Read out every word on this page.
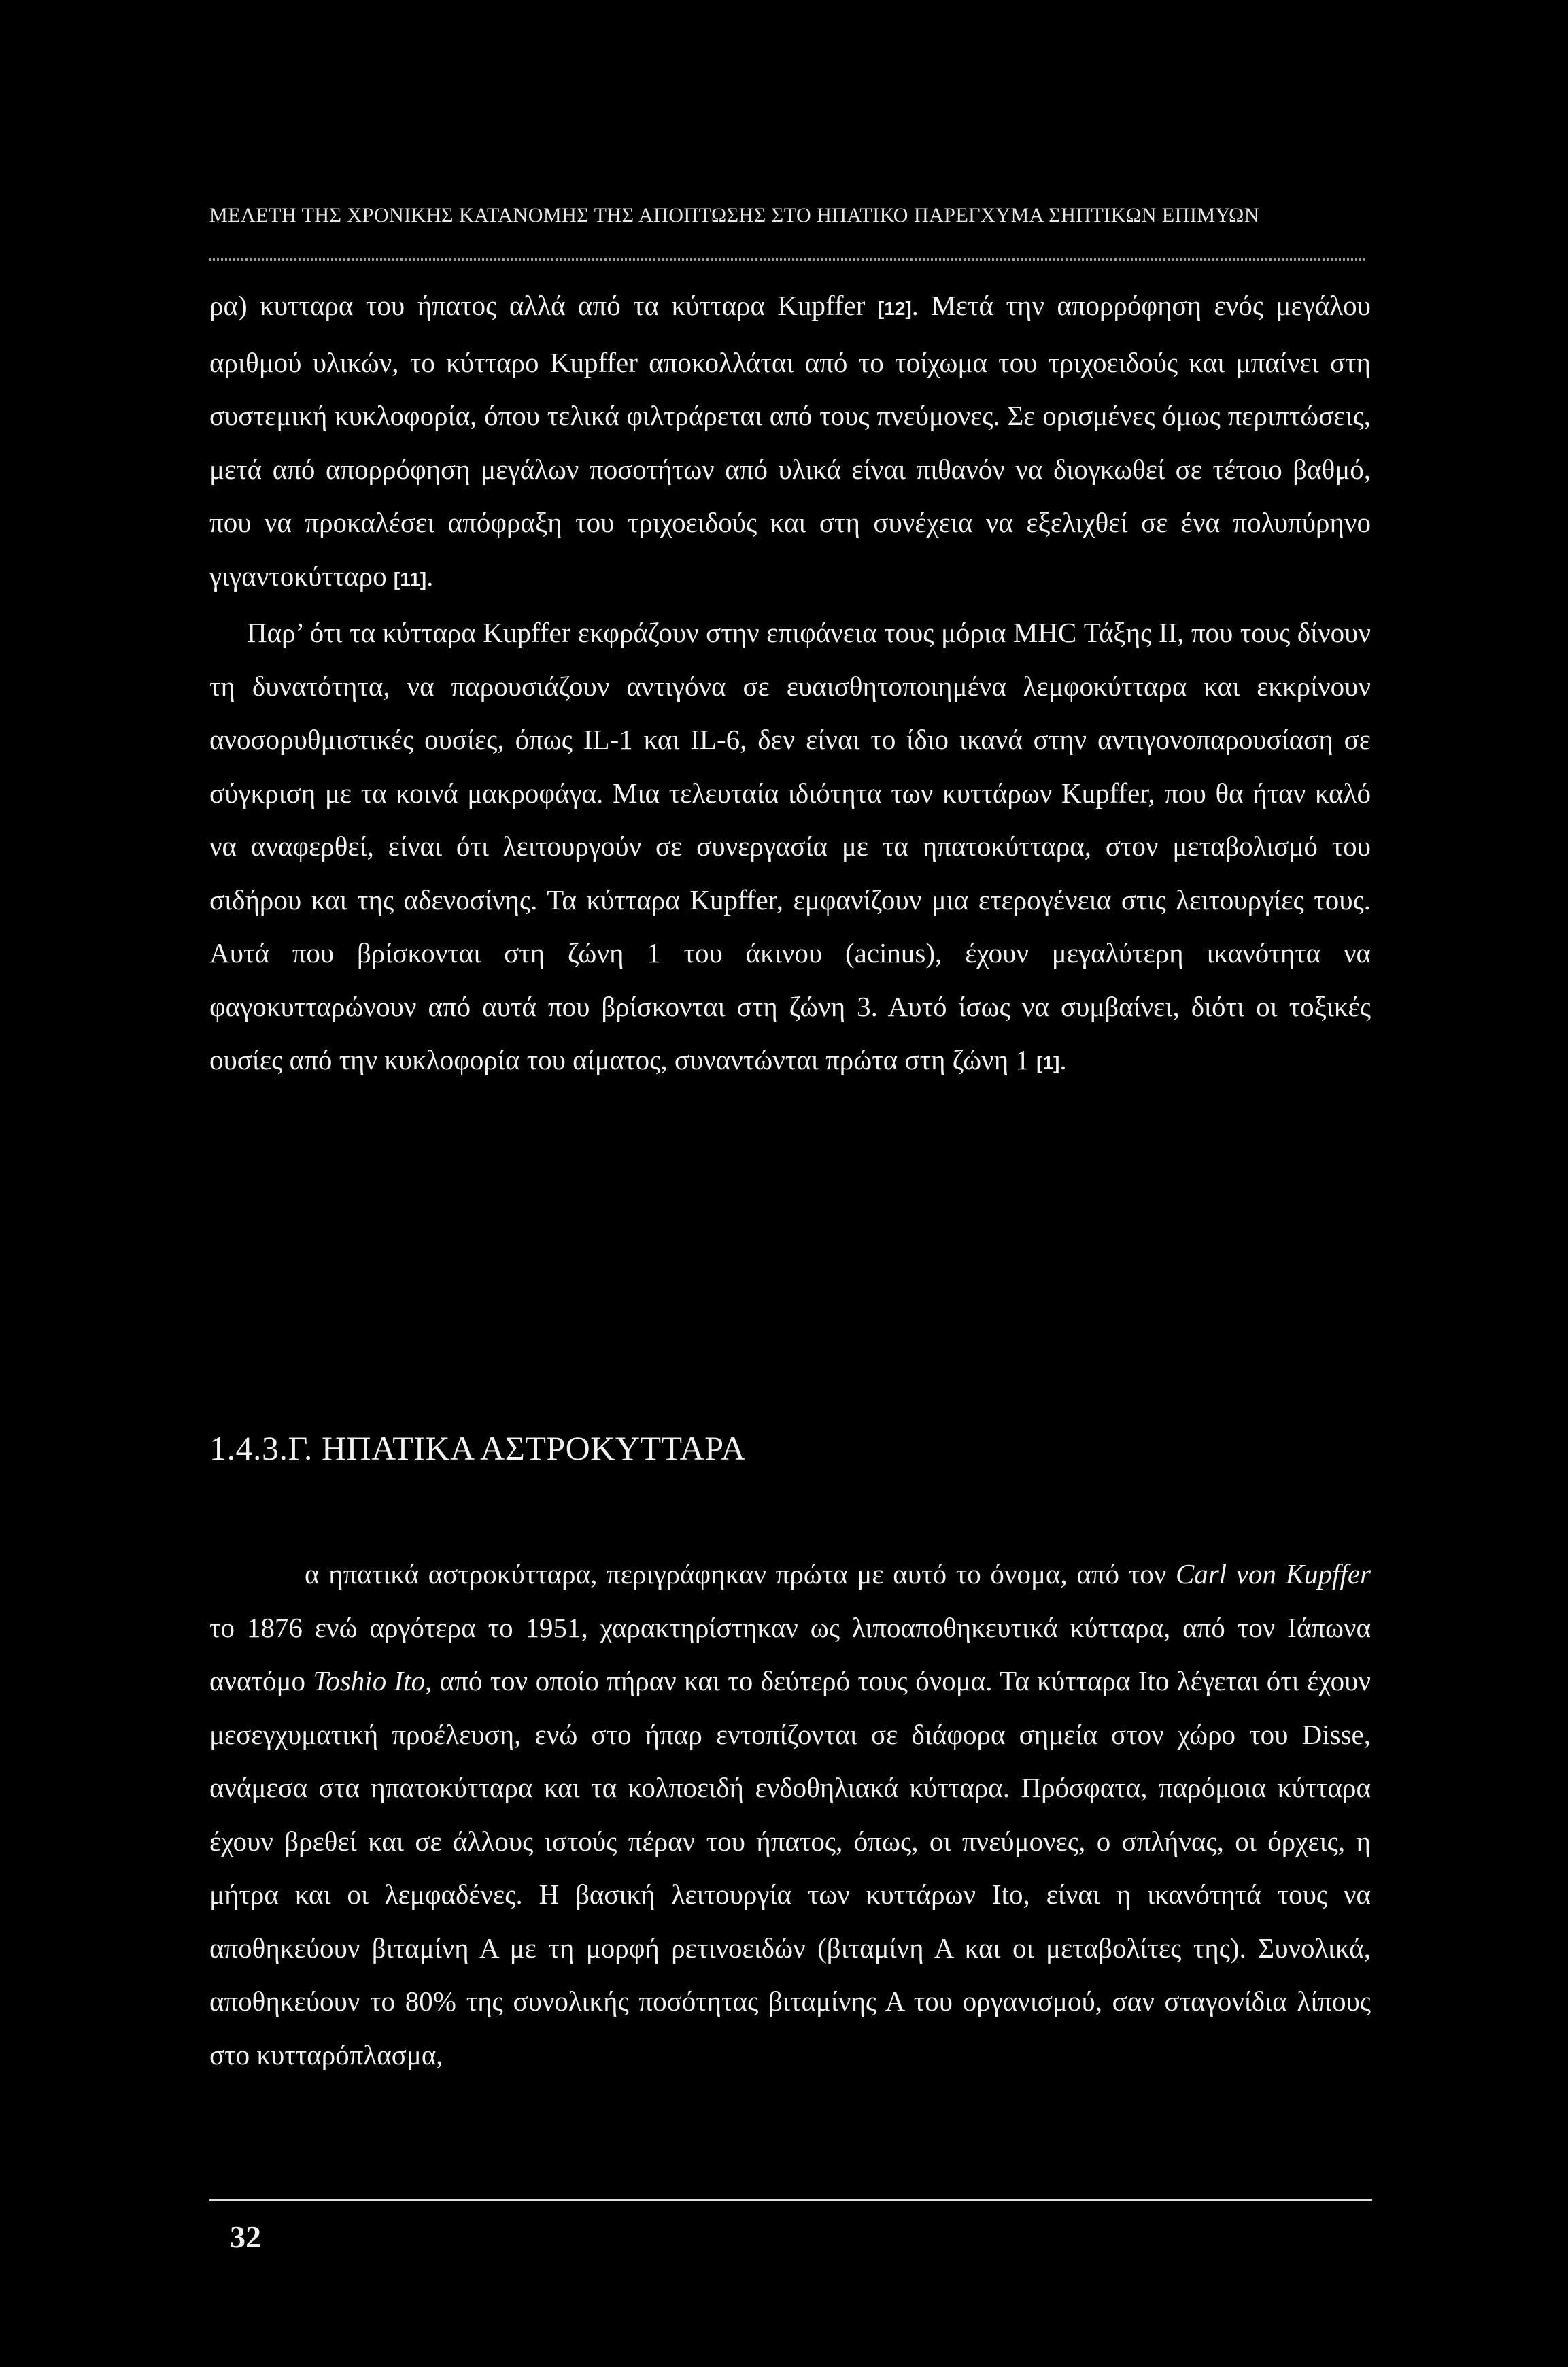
ΜΕΛΕΤΗ ΤΗΣ ΧΡΟΝΙΚΗΣ ΚΑΤΑΝΟΜΗΣ ΤΗΣ ΑΠΟΠΤΩΣΗΣ ΣΤΟ ΗΠΑΤΙΚΟ ΠΑΡΕΓΧΥΜΑ ΣΗΠΤΙΚΩΝ ΕΠΙΜΥΩΝ

ρα) κυτταρα του ήπατος αλλά από τα κύτταρα Kupffer [12]. Μετά την απορρόφηση ενός μεγάλου αριθμού υλικών, το κύτταρο Kupffer αποκολλάται από το τοίχωμα του τριχοειδούς και μπαίνει στη συστεμική κυκλοφορία, όπου τελικά φιλτράρεται από τους πνεύμονες. Σε ορισμένες όμως περιπτώσεις, μετά από απορρόφηση μεγάλων ποσοτήτων από υλικά είναι πιθανόν να διογκωθεί σε τέτοιο βαθμό, που να προκαλέσει απόφραξη του τριχοειδούς και στη συνέχεια να εξελιχθεί σε ένα πολυπύρηνο γιγαντοκύτταρο [11].

Παρ’ ότι τα κύτταρα Kupffer εκφράζουν στην επιφάνεια τους μόρια MHC Τάξης II, που τους δίνουν τη δυνατότητα, να παρουσιάζουν αντιγόνα σε ευαισθητοποιημένα λεμφοκύτταρα και εκκρίνουν ανοσορυθμιστικές ουσίες, όπως IL-1 και IL-6, δεν είναι το ίδιο ικανά στην αντιγονοπαρουσίαση σε σύγκριση με τα κοινά μακροφάγα. Μια τελευταία ιδιότητα των κυττάρων Kupffer, που θα ήταν καλό να αναφερθεί, είναι ότι λειτουργούν σε συνεργασία με τα ηπατοκύτταρα, στον μεταβολισμό του σιδήρου και της αδενοσίνης. Τα κύτταρα Kupffer, εμφανίζουν μια ετερογένεια στις λειτουργίες τους. Αυτά που βρίσκονται στη ζώνη 1 του άκινου (acinus), έχουν μεγαλύτερη ικανότητα να φαγοκυτταρώνουν από αυτά που βρίσκονται στη ζώνη 3. Αυτό ίσως να συμβαίνει, διότι οι τοξικές ουσίες από την κυκλοφορία του αίματος, συναντώνται πρώτα στη ζώνη 1 [1].

1.4.3.Γ. ΗΠΑΤΙΚΑ ΑΣΤΡΟΚΥΤΤΑΡΑ

α ηπατικά αστροκύτταρα, περιγράφηκαν πρώτα με αυτό το όνομα, από τον Carl von Kupffer το 1876 ενώ αργότερα το 1951, χαρακτηρίστηκαν ως λιποαποθηκευτικά κύτταρα, από τον Ιάπωνα ανατόμο Toshio Ito, από τον οποίο πήραν και το δεύτερό τους όνομα. Τα κύτταρα Ito λέγεται ότι έχουν μεσεγχυματική προέλευση, ενώ στο ήπαρ εντοπίζονται σε διάφορα σημεία στον χώρο του Disse, ανάμεσα στα ηπατοκύτταρα και τα κολποειδή ενδοθηλιακά κύτταρα. Πρόσφατα, παρόμοια κύτταρα έχουν βρεθεί και σε άλλους ιστούς πέραν του ήπατος, όπως, οι πνεύμονες, ο σπλήνας, οι όρχεις, η μήτρα και οι λεμφαδένες. Η βασική λειτουργία των κυττάρων Ito, είναι η ικανότητά τους να αποθηκεύουν βιταμίνη Α με τη μορφή ρετινοειδών (βιταμίνη Α και οι μεταβολίτες της). Συνολικά, αποθηκεύουν το 80% της συνολικής ποσότητας βιταμίνης Α του οργανισμού, σαν σταγονίδια λίπους στο κυτταρόπλασμα,

32
